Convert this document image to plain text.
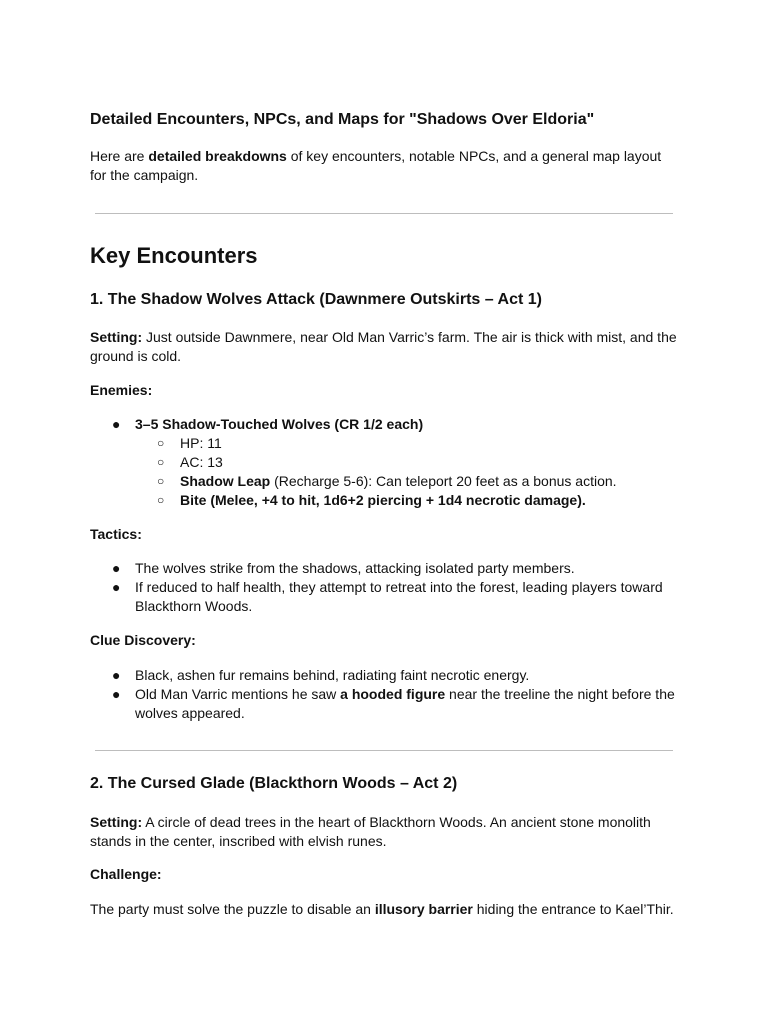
Detailed Encounters, NPCs, and Maps for "Shadows Over Eldoria"
Here are detailed breakdowns of key encounters, notable NPCs, and a general map layout for the campaign.
Key Encounters
1. The Shadow Wolves Attack (Dawnmere Outskirts – Act 1)
Setting: Just outside Dawnmere, near Old Man Varric’s farm. The air is thick with mist, and the ground is cold.
Enemies:
● 3–5 Shadow-Touched Wolves (CR 1/2 each)
○ HP: 11
○ AC: 13
○ Shadow Leap (Recharge 5-6): Can teleport 20 feet as a bonus action.
○ Bite (Melee, +4 to hit, 1d6+2 piercing + 1d4 necrotic damage).
Tactics:
● The wolves strike from the shadows, attacking isolated party members.
● If reduced to half health, they attempt to retreat into the forest, leading players toward Blackthorn Woods.
Clue Discovery:
● Black, ashen fur remains behind, radiating faint necrotic energy.
● Old Man Varric mentions he saw a hooded figure near the treeline the night before the wolves appeared.
2. The Cursed Glade (Blackthorn Woods – Act 2)
Setting: A circle of dead trees in the heart of Blackthorn Woods. An ancient stone monolith stands in the center, inscribed with elvish runes.
Challenge:
The party must solve the puzzle to disable an illusory barrier hiding the entrance to Kael’Thir.
